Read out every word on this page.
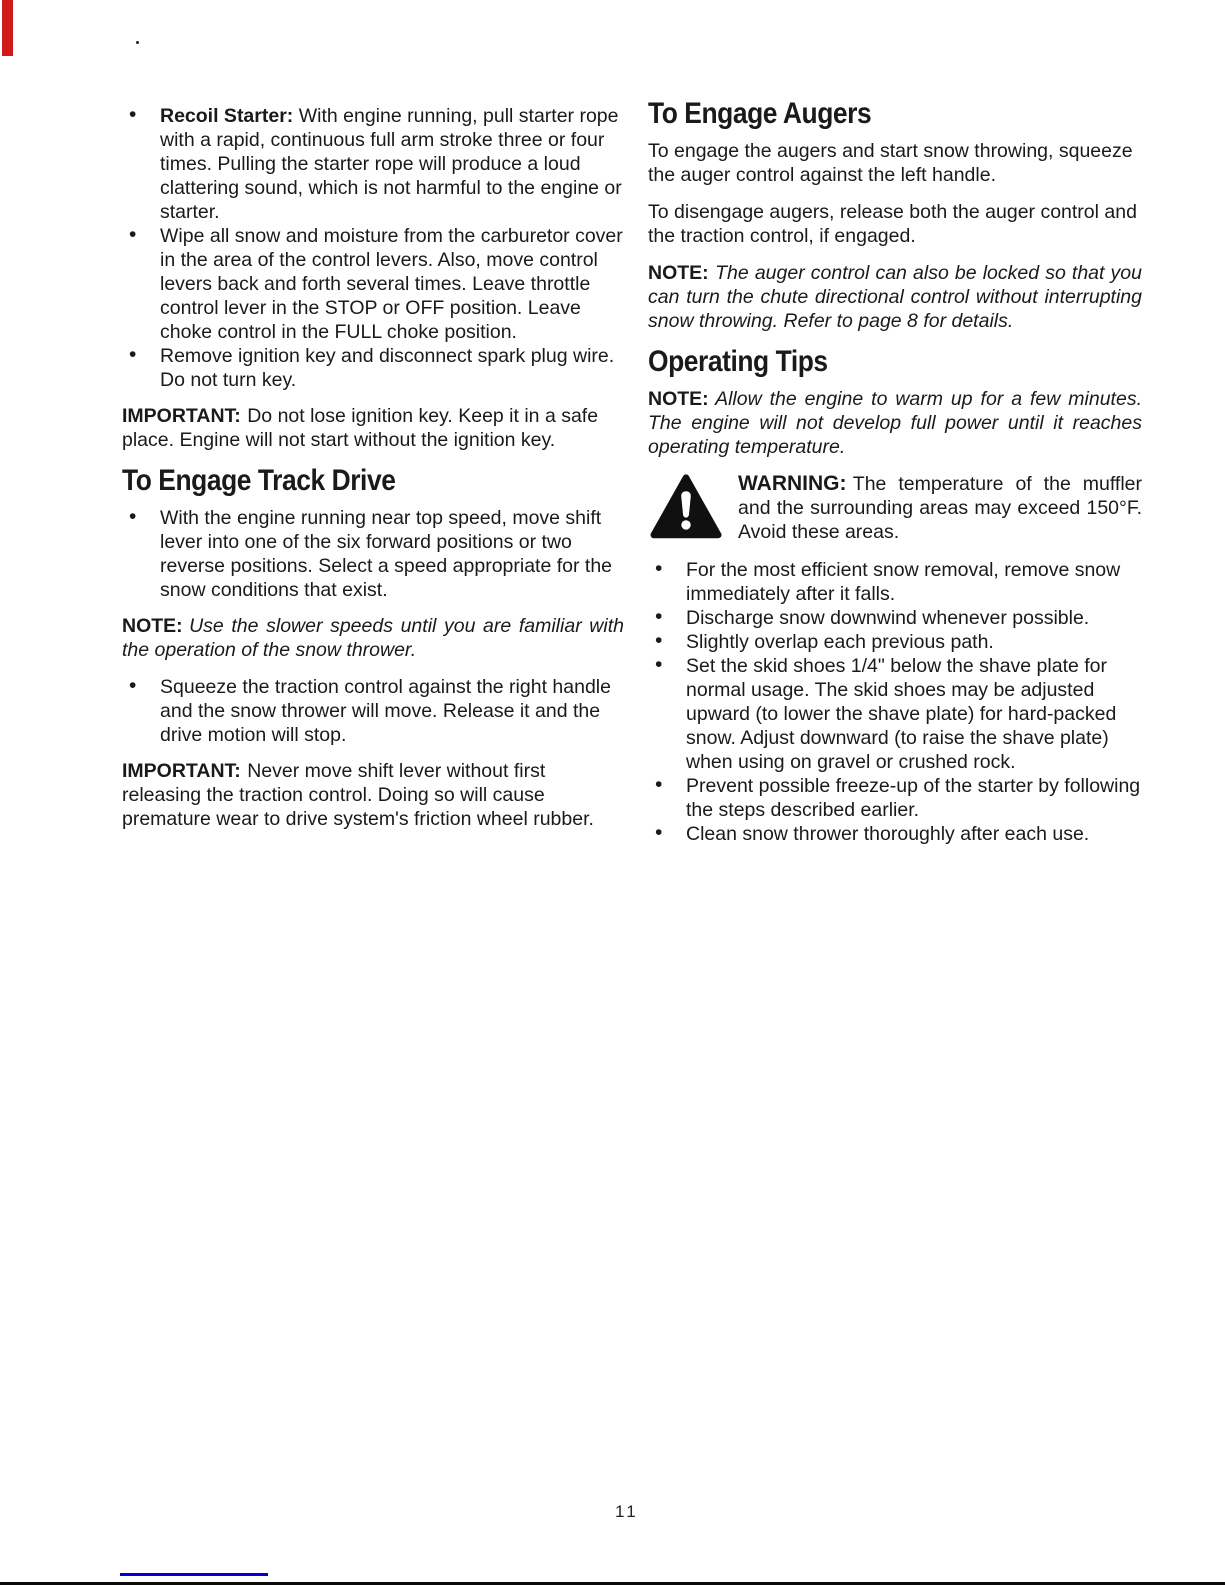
• Recoil Starter: With engine running, pull starter rope with a rapid, continuous full arm stroke three or four times. Pulling the starter rope will produce a loud clattering sound, which is not harmful to the engine or starter.
• Wipe all snow and moisture from the carburetor cover in the area of the control levers. Also, move control levers back and forth several times. Leave throttle control lever in the STOP or OFF position. Leave choke control in the FULL choke position.
• Remove ignition key and disconnect spark plug wire. Do not turn key.

IMPORTANT: Do not lose ignition key. Keep it in a safe place. Engine will not start without the ignition key.

To Engage Track Drive
• With the engine running near top speed, move shift lever into one of the six forward positions or two reverse positions. Select a speed appropriate for the snow conditions that exist.

NOTE: Use the slower speeds until you are familiar with the operation of the snow thrower.

• Squeeze the traction control against the right handle and the snow thrower will move. Release it and the drive motion will stop.

IMPORTANT: Never move shift lever without first releasing the traction control. Doing so will cause premature wear to drive system's friction wheel rubber.

To Engage Augers

To engage the augers and start snow throwing, squeeze the auger control against the left handle.

To disengage augers, release both the auger control and the traction control, if engaged.

NOTE: The auger control can also be locked so that you can turn the chute directional control without interrupting snow throwing. Refer to page 8 for details.

Operating Tips

NOTE: Allow the engine to warm up for a few minutes. The engine will not develop full power until it reaches operating temperature.

WARNING: The temperature of the muffler and the surrounding areas may exceed 150°F. Avoid these areas.
• For the most efficient snow removal, remove snow immediately after it falls.
• Discharge snow downwind whenever possible.
• Slightly overlap each previous path.
• Set the skid shoes 1/4" below the shave plate for normal usage. The skid shoes may be adjusted upward (to lower the shave plate) for hard-packed snow. Adjust downward (to raise the shave plate) when using on gravel or crushed rock.
• Prevent possible freeze-up of the starter by following the steps described earlier.
• Clean snow thrower thoroughly after each use.
11
